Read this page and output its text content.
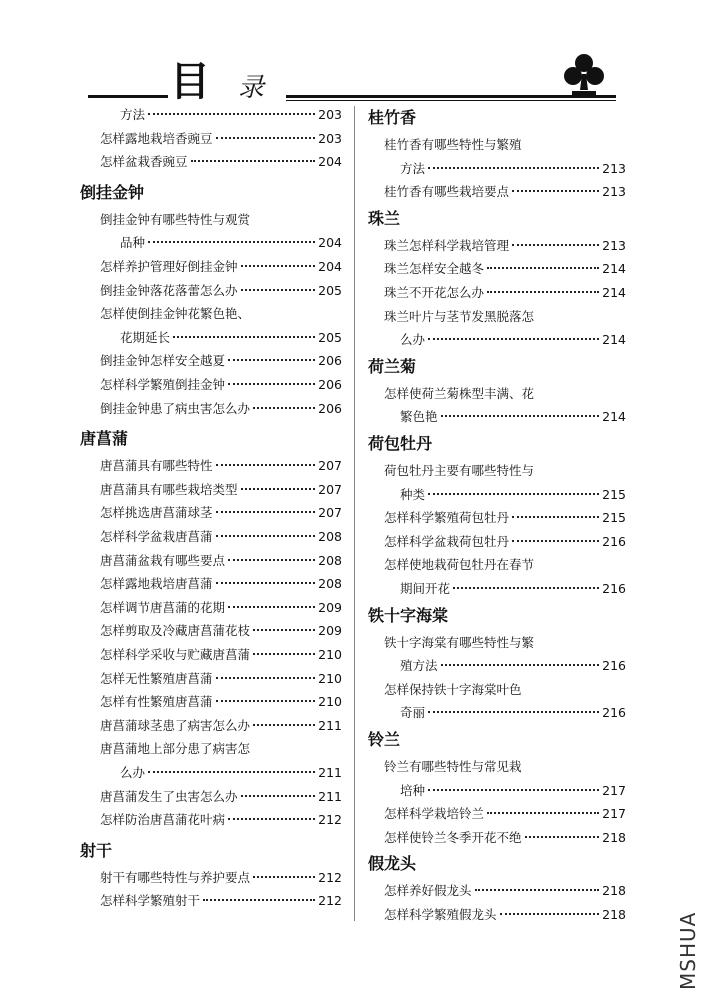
目 录
方法	203
怎样露地栽培香豌豆	203
怎样盆栽香豌豆	204
倒挂金钟
倒挂金钟有哪些特性与观赏
品种	204
怎样养护管理好倒挂金钟	204
倒挂金钟落花落蕾怎么办	205
怎样使倒挂金钟花繁色艳、
花期延长	205
倒挂金钟怎样安全越夏	206
怎样科学繁殖倒挂金钟	206
倒挂金钟患了病虫害怎么办	206
唐菖蒲
唐菖蒲具有哪些特性	207
唐菖蒲具有哪些栽培类型	207
怎样挑选唐菖蒲球茎	207
怎样科学盆栽唐菖蒲	208
唐菖蒲盆栽有哪些要点	208
怎样露地栽培唐菖蒲	208
怎样调节唐菖蒲的花期	209
怎样剪取及冷藏唐菖蒲花枝	209
怎样科学采收与贮藏唐菖蒲	210
怎样无性繁殖唐菖蒲	210
怎样有性繁殖唐菖蒲	210
唐菖蒲球茎患了病害怎么办	211
唐菖蒲地上部分患了病害怎
么办	211
唐菖蒲发生了虫害怎么办	211
怎样防治唐菖蒲花叶病	212
射干
射干有哪些特性与养护要点	212
怎样科学繁殖射干	212
桂竹香
桂竹香有哪些特性与繁殖
方法	213
桂竹香有哪些栽培要点	213
珠兰
珠兰怎样科学栽培管理	213
珠兰怎样安全越冬	214
珠兰不开花怎么办	214
珠兰叶片与茎节发黑脱落怎
么办	214
荷兰菊
怎样使荷兰菊株型丰满、花
繁色艳	214
荷包牡丹
荷包牡丹主要有哪些特性与
种类	215
怎样科学繁殖荷包牡丹	215
怎样科学盆栽荷包牡丹	216
怎样使地栽荷包牡丹在春节
期间开花	216
铁十字海棠
铁十字海棠有哪些特性与繁
殖方法	216
怎样保持铁十字海棠叶色
奇丽	216
铃兰
铃兰有哪些特性与常见栽
培种	217
怎样科学栽培铃兰	217
怎样使铃兰冬季开花不绝	218
假龙头
怎样养好假龙头	218
怎样科学繁殖假龙头	218	MSHUA
